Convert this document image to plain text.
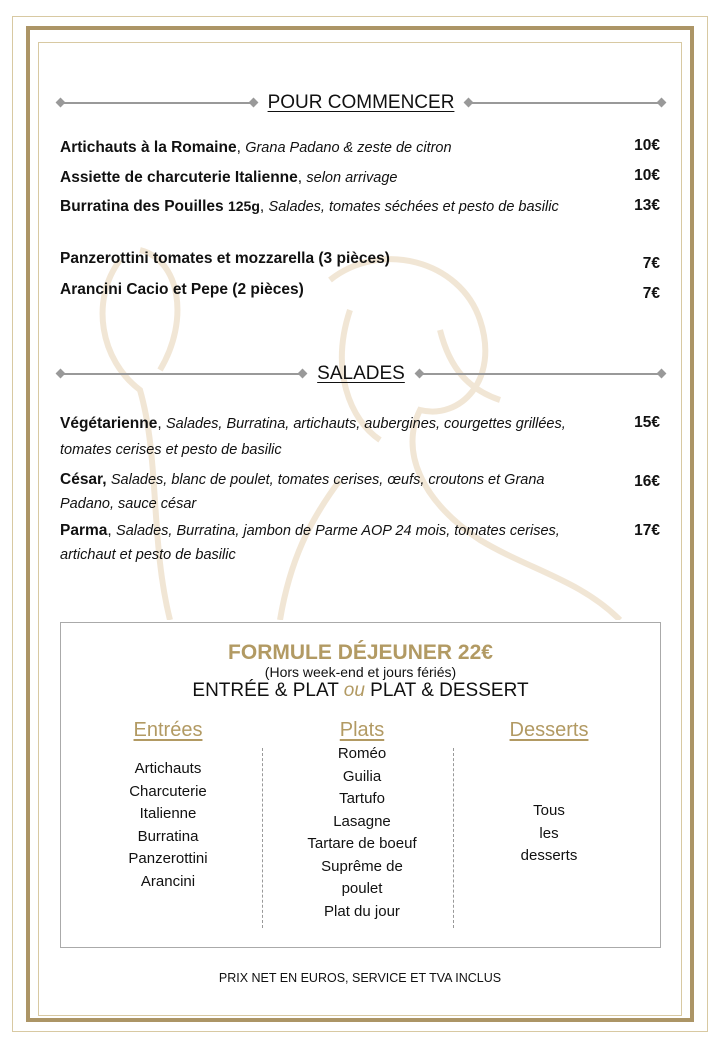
POUR COMMENCER
Artichauts à la Romaine, Grana Padano & zeste de citron	10€
Assiette de charcuterie Italienne, selon arrivage	10€
Burratina des Pouilles 125g, Salades, tomates séchées et pesto de basilic	13€
Panzerottini tomates et mozzarella (3 pièces)	7€
Arancini Cacio et Pepe (2 pièces)	7€
SALADES
Végétarienne, Salades, Burratina, artichauts, aubergines, courgettes grillées, tomates cerises et pesto de basilic
15€
César, Salades, blanc de poulet, tomates cerises, œufs, croutons et Grana Padano, sauce césar
16€
Parma, Salades, Burratina, jambon de Parme AOP 24 mois, tomates cerises, artichaut et pesto de basilic
17€
FORMULE DÉJEUNER 22€
(Hors week-end et jours fériés)
ENTRÉE & PLAT ou PLAT & DESSERT
Entrées
Artichauts
Charcuterie
Italienne
Burratina
Panzerottini
Arancini
Plats
Roméo
Guilia
Tartufo
Lasagne
Tartare de boeuf
Suprême de
poulet
Plat du jour
Desserts
Tous
les
desserts
PRIX NET EN EUROS, SERVICE ET TVA INCLUS
